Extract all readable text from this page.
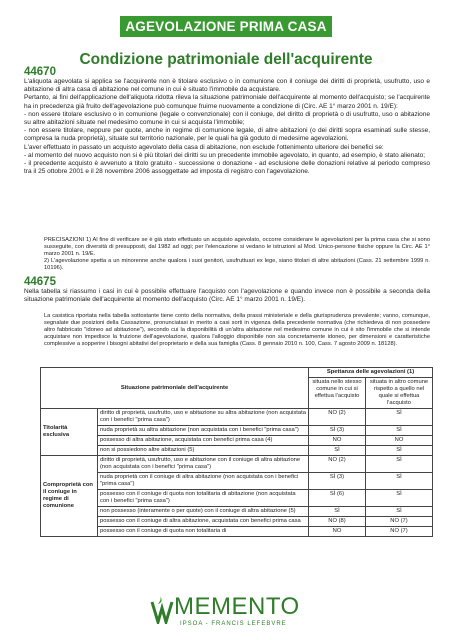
AGEVOLAZIONE PRIMA CASA
Condizione patrimoniale dell'acquirente
44670

L'aliquota agevolata si applica se l'acquirente non è titolare esclusivo o in comunione con il coniuge dei diritti di proprietà, usufrutto, uso e abitazione di altra casa di abitazione nel comune in cui è situato l'immobile da acquistare.

Pertanto, ai fini dell'applicazione dell'aliquota ridotta rileva la situazione patrimoniale dell'acquirente al momento dell'acquisto; se l'acquirente ha in precedenza già fruito dell'agevolazione può comunque fruirne nuovamente a condizione di (Circ. AE 1° marzo 2001 n. 19/E):

- non essere titolare esclusivo o in comunione (legale o convenzionale) con il coniuge, del diritto di proprietà o di usufrutto, uso o abitazione su altre abitazioni situate nel medesimo comune in cui si acquista l'immobile;

- non essere titolare, neppure per quote, anche in regime di comunione legale, di altre abitazioni (o dei diritti sopra esaminati sulle stesse, compresa la nuda proprietà), situate sul territorio nazionale, per le quali ha già goduto di medesime agevolazioni.

L'aver effettuato in passato un acquisto agevolato della casa di abitazione, non esclude l'ottenimento ulteriore dei benefici se:

- al momento del nuovo acquisto non si è più titolari dei diritti su un precedente immobile agevolato, in quanto, ad esempio, è stato alienato;

- il precedente acquisto è avvenuto a titolo gratuito - successione o donazione - ad esclusione delle donazioni relative al periodo compreso tra il 25 ottobre 2001 e il 28 novembre 2006 assoggettate ad imposta di registro con l'agevolazione.

PRECISAZIONI 1) Al fine di verificare se è già stato effettuato un acquisto agevolato, occorre considerare le agevolazioni per la prima casa che si sono susseguite, con diversità di presupposti, dal 1982 ad oggi; per l'elencazione si vedano le istruzioni al Mod. Unico-persone fisiche oppure la Circ. AE 1° marzo 2001 n. 19/E.

2) L'agevolazione spetta a un minorenne anche qualora i suoi genitori, usufruttuari ex lege, siano titolari di altre abitazioni (Cass. 21 settembre 1999 n. 10196).

44675

Nella tabella si riassumo i casi in cui è possibile effettuare l'acquisto con l'agevolazione e quando invece non è possibile a seconda della situazione patrimoniale dell'acquirente al momento dell'acquisto (Circ. AE 1° marzo 2001 n. 19/E).

La casistica riportata nella tabella sottostante tiene conto della normativa, della prassi ministeriale e della giurisprudenza prevalente; vanno, comunque, segnalate due posizioni della Cassazione, pronunciatasi in merito a casi sorti in vigenza della precedente normativa (che richiedeva di non possedere altro fabbricato "idoneo ad abitazione"), secondo cui la disponibilità di un'altra abitazione nel medesimo comune in cui è sito l'immobile che si intende acquistare non impedisce la fruizione dell'agevolazione, qualora l'alloggio disponibile non sia concretamente idoneo, per dimensioni e caratteristiche complessive a sopperire i bisogni abitativi del proprietario e della sua famiglia (Cass. 8 gennaio 2010 n. 100, Cass. 7 agosto 2009 n. 18128).

Situazione patrimoniale dell'acquirente		Spettanza delle agevolazioni (1)	
		situata nello stesso comune in cui si effettua l'acquisto	situata in altro comune rispetto a quello nel quale si effettua l'acquisto
Titolarità esclusiva	diritto di proprietà, usufrutto, uso e abitazione su altra abitazione (non acquistata con i benefici "prima casa")	NO (2)	SÌ
	nuda proprietà su altra abitazione (non acquistata con i benefici "prima casa")	SÌ (3)	SÌ
	possesso di altra abitazione, acquistata con benefici prima casa (4)	NO	NO
	non si possiedono altre abitazioni (5)	SÌ	SÌ
Comproprietà con il coniuge in regime di comunione	diritto di proprietà, usufrutto, uso e abitazione con il coniuge di altra abitazione (non acquistata con i benefici "prima casa")	NO (2)	SÌ
	nuda proprietà con il coniuge di altra abitazione (non acquistata con i benefici "prima casa")	SÌ (3)	SÌ
	possesso con il coniuge di quota non totalitaria di abitazione (non acquistata con i benefici "prima casa")	SÌ (6)	SÌ
	non possesso (interamente o per quote) con il coniuge di altra abitazione (5)	SÌ	SÌ
	possesso con il coniuge di altra abitazione, acquistata con benefici prima casa	NO (8)	NO (7)
	possesso con il coniuge di quota non totalitaria di	NO	NO (7)
MEMENTO
IPSOA - FRANCIS LEFEBVRE
